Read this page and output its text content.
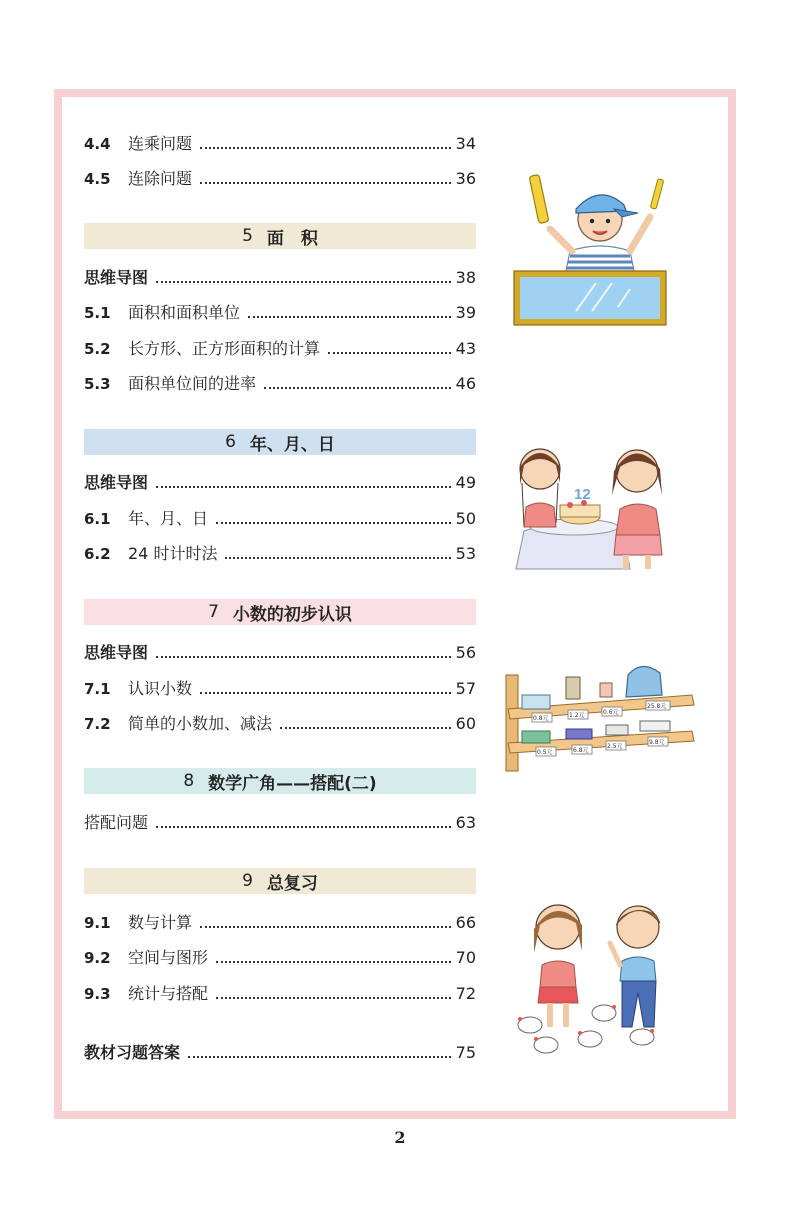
4.4	连乘问题	34
4.5	连除问题	36
5 面　积
思维导图	38
5.1	面积和面积单位	39
5.2	长方形、正方形面积的计算	43
5.3	面积单位间的进率	46
6 年、月、日
思维导图	49
6.1	年、月、日	50
6.2	24 时计时法	53
7 小数的初步认识
思维导图	56
7.1	认识小数	57
7.2	简单的小数加、减法	60
8 数学广角——搭配(二)
搭配问题	63
9 总复习
9.1	数与计算	66
9.2	空间与图形	70
9.3	统计与搭配	72
教材习题答案	75
12
0.8元	1.2元	0.6元
25.8元
0.5元	6.8元
2.5元
9.8元
2
